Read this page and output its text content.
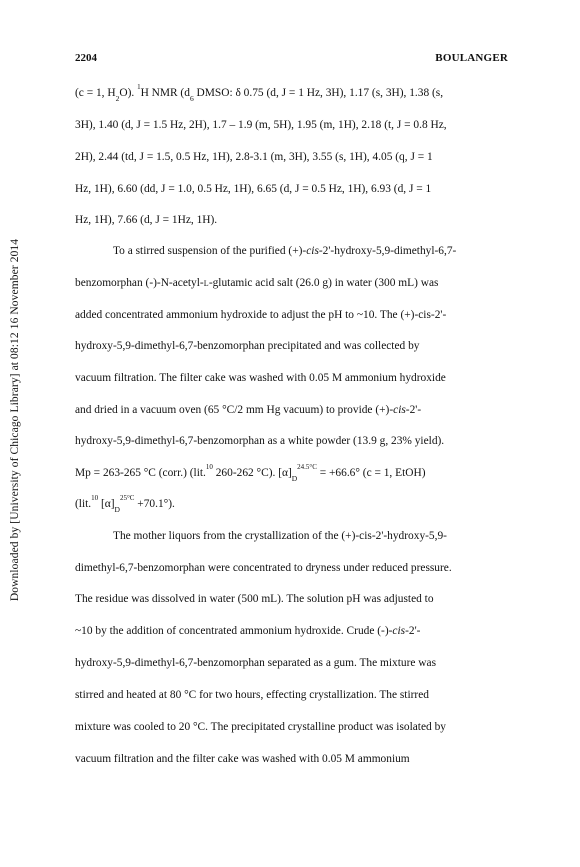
Downloaded by [University of Chicago Library] at 08:12 16 November 2014
2204	BOULANGER
(c = 1, $H_2O$). $^1$H NMR ($d_6$ DMSO: δ 0.75 (d, J = 1 Hz, 3H), 1.17 (s, 3H), 1.38 (s,
3H), 1.40 (d, J = 1.5 Hz, 2H), 1.7 – 1.9 (m, 5H), 1.95 (m, 1H), 2.18 (t, J = 0.8 Hz,
2H), 2.44 (td, J = 1.5, 0.5 Hz, 1H), 2.8-3.1 (m, 3H), 3.55 (s, 1H), 4.05 (q, J = 1
Hz, 1H), 6.60 (dd, J = 1.0, 0.5 Hz, 1H), 6.65 (d, J = 0.5 Hz, 1H), 6.93 (d, J = 1
Hz, 1H), 7.66 (d, J = 1Hz, 1H).
To a stirred suspension of the purified (+)-cis-2'-hydroxy-5,9-dimethyl-6,7-
benzomorphan (-)-N-acetyl-L-glutamic acid salt (26.0 g) in water (300 mL) was
added concentrated ammonium hydroxide to adjust the pH to ~10. The (+)-cis-2'-
hydroxy-5,9-dimethyl-6,7-benzomorphan precipitated and was collected by
vacuum filtration. The filter cake was washed with 0.05 M ammonium hydroxide
and dried in a vacuum oven (65 °C/2 mm Hg vacuum) to provide (+)-cis-2'-
hydroxy-5,9-dimethyl-6,7-benzomorphan as a white powder (13.9 g, 23% yield).
Mp = 263-265 °C (corr.) (lit.$^{10}$ 260-262 °C). $[\alpha]_D^{24.5^\circ C} = +66.6^\circ$ (c = 1, EtOH)
(lit.$^{10}$ $[\alpha]_D^{25^\circ C} +70.1^\circ$).
The mother liquors from the crystallization of the (+)-cis-2'-hydroxy-5,9-
dimethyl-6,7-benzomorphan were concentrated to dryness under reduced pressure.
The residue was dissolved in water (500 mL). The solution pH was adjusted to
~10 by the addition of concentrated ammonium hydroxide. Crude (-)-cis-2'-
hydroxy-5,9-dimethyl-6,7-benzomorphan separated as a gum. The mixture was
stirred and heated at 80 °C for two hours, effecting crystallization. The stirred
mixture was cooled to 20 °C. The precipitated crystalline product was isolated by
vacuum filtration and the filter cake was washed with 0.05 M ammonium
